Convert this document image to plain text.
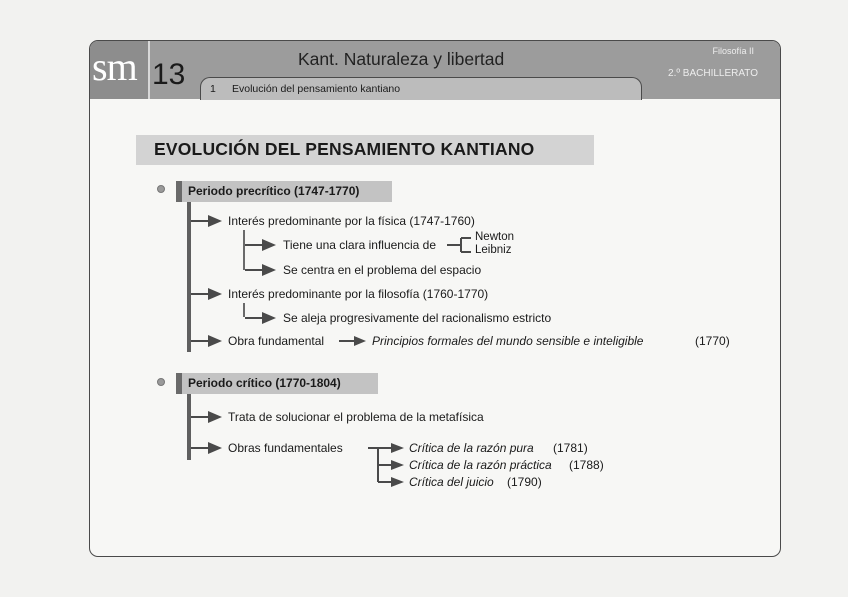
sm 13	Kant. Naturaleza y libertad	Filosofía II
2.º BACHILLERATO
1 Evolución del pensamiento kantiano
EVOLUCIÓN DEL PENSAMIENTO KANTIANO
Periodo precrítico (1747-1770)
Interés predominante por la física (1747-1760)
Tiene una clara influencia de
Newton
Leibniz
Se centra en el problema del espacio
Interés predominante por la filosofía (1760-1770)
Se aleja progresivamente del racionalismo estricto
Obra fundamental	Principios formales del mundo sensible e inteligible	(1770)
Periodo crítico (1770-1804)
Trata de solucionar el problema de la metafísica
Obras fundamentales	Crítica de la razón pura (1781)
Crítica de la razón práctica (1788)
Crítica del juicio (1790)
